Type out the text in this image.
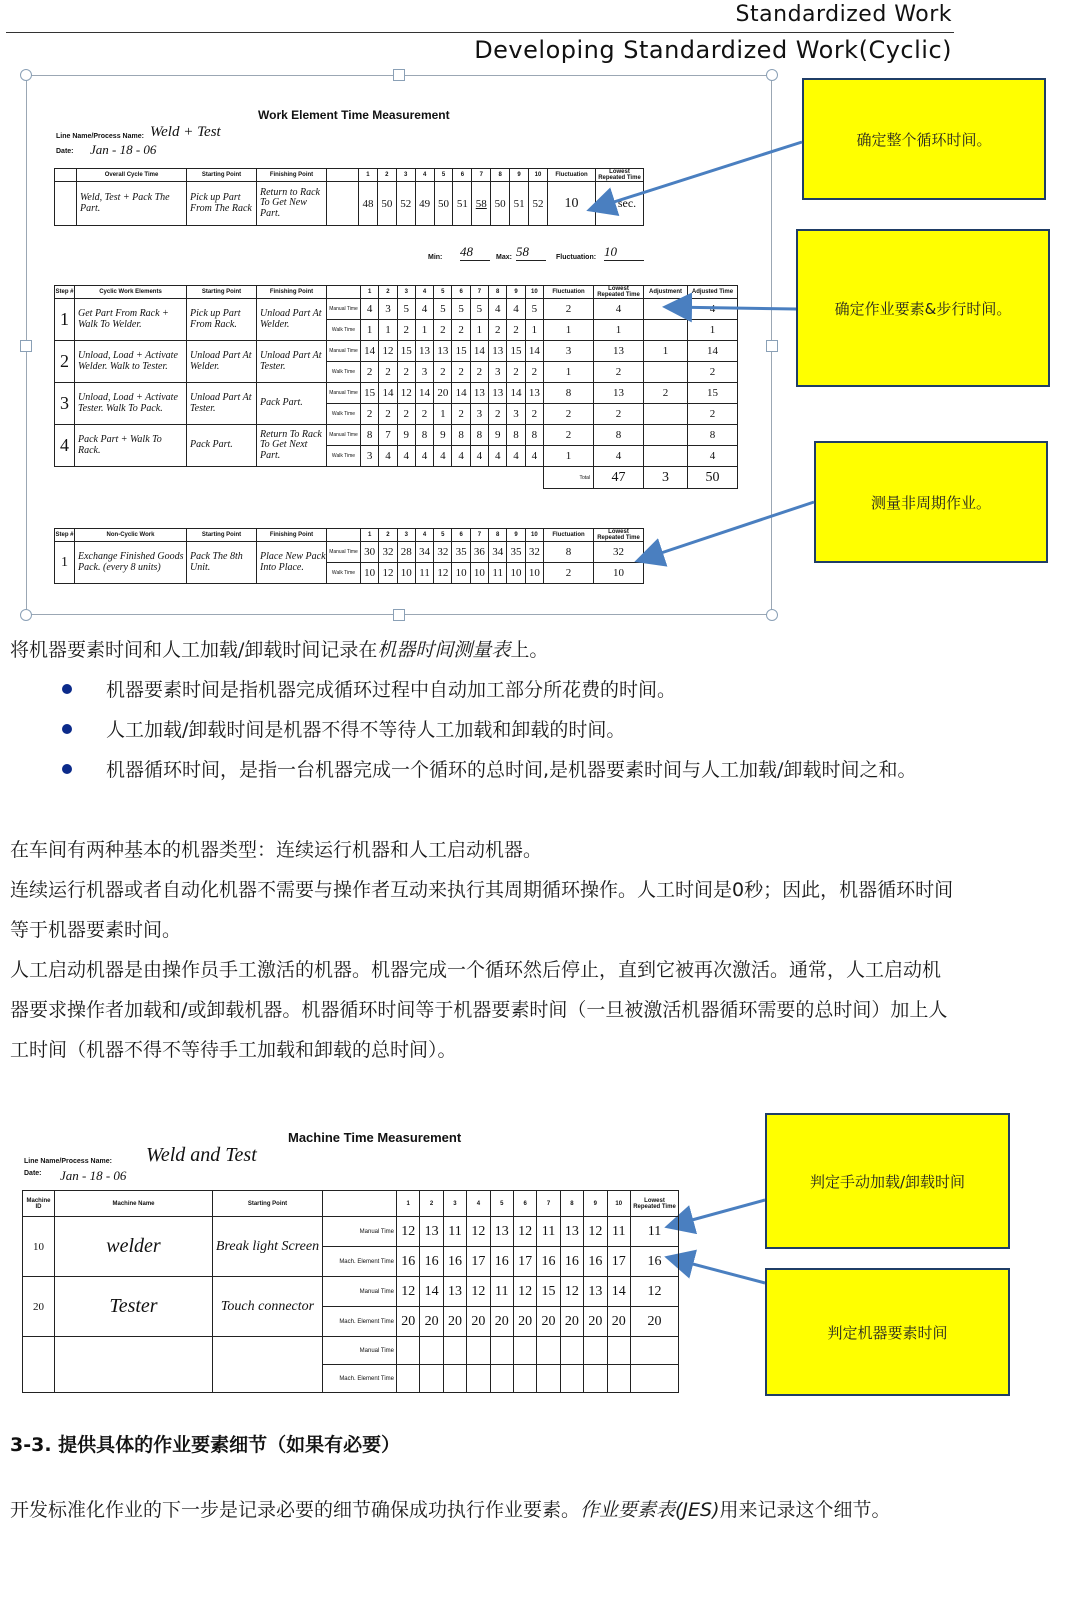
Standardized Work
Developing Standardized Work(Cyclic)
Work Element Time Measurement
Line Name/Process Name: Weld + Test
Date: Jan - 18 - 06
	Overall Cycle Time	Starting Point	Finishing Point		1	2	3	4	5	6	7	8	9	10	Fluctuation	Lowest Repeated Time
	Weld, Test + Pack The Part.	Pick up Part From The Rack	Return to Rack To Get New Part.		48	50	52	49	50	51	58	50	51	52	10	50 sec.
Min: 48	Max: 58	Fluctuation: 10
Step #	Cyclic Work Elements	Starting Point	Finishing Point		1	2	3	4	5	6	7	8	9	10	Fluctuation	Lowest Repeated Time	Adjustment	Adjusted Time
1	Get Part From Rack + Walk To Welder.	Pick up Part From Rack.	Unload Part At Welder.	Manual Time	4	3	5	4	5	5	5	4	4	5	2	4		
				Walk Time	1	1	2	1	2	2	1	2	2	1	1	1		1
2	Unload, Load + Activate Welder. Walk to Tester.	Unload Part At Welder.	Unload Part At Tester.	Manual Time	14	12	15	13	13	15	14	13	15	14	3	13	1	14
				Walk Time	2	2	2	3	2	2	2	3	2	2	1	2		2
3	Unload, Load + Activate Tester. Walk To Pack.	Unload Part At Tester.	Pack Part.	Manual Time	15	14	12	14	20	14	13	13	14	13	8	13	2	15
				Walk Time	2	2	2	2	1	2	3	2	3	2	2	2		2
4	Pack Part + Walk To Rack.	Pack Part.	Return To Rack To Get Next Part.	Manual Time	8	7	9	8	9	8	8	9	8	8	2	8		8
				Walk Time	3	4	4	4	4	4	4	4	4	4	1	4		4
															Total	47	3	50
Step #	Non-Cyclic Work	Starting Point	Finishing Point		1	2	3	4	5	6	7	8	9	10	Fluctuation	Lowest Repeated Time
1	Exchange Finished Goods Pack. (every 8 units)	Pack The 8th Unit.	Place New Pack Into Place.	Manual Time	30	32	28	34	32	35	36	34	35	32	8	32
				Walk Time	10	12	10	11	12	10	10	11	10	10	2	10
确定整个循环时间。
确定作业要素&步行时间。
测量非周期作业。
将机器要素时间和人工加载/卸载时间记录在机器时间测量表上。
机器要素时间是指机器完成循环过程中自动加工部分所花费的时间。
人工加载/卸载时间是机器不得不等待人工加载和卸载的时间。
机器循环时间，是指一台机器完成一个循环的总时间,是机器要素时间与人工加载/卸载时间之和。
在车间有两种基本的机器类型：连续运行机器和人工启动机器。
连续运行机器或者自动化机器不需要与操作者互动来执行其周期循环操作。人工时间是0秒；因此，机器循环时间等于机器要素时间。
人工启动机器是由操作员手工激活的机器。机器完成一个循环然后停止，直到它被再次激活。通常，人工启动机器要求操作者加载和/或卸载机器。机器循环时间等于机器要素时间（一旦被激活机器循环需要的总时间）加上人工时间（机器不得不等待手工加载和卸载的总时间）。
Machine Time Measurement
Line Name/Process Name: Weld and Test
Date: Jan - 18 - 06
Machine ID	Machine Name	Starting Point		1	2	3	4	5	6	7	8	9	10	Lowest Repeated Time
10	welder	Break light Screen	Manual Time	12	13	11	12	13	12	11	13	12	11	11
			Mach. Element Time	16	16	16	17	16	17	16	16	16	17	16
20	Tester	Touch connector	Manual Time	12	14	13	12	11	12	15	12	13	14	12
			Mach. Element Time	20	20	20	20	20	20	20	20	20	20	20
			Manual Time											
			Mach. Element Time											
判定手动加载/卸载时间
判定机器要素时间
3-3. 提供具体的作业要素细节（如果有必要）
开发标准化作业的下一步是记录必要的细节确保成功执行作业要素。作业要素表(JES)用来记录这个细节。
